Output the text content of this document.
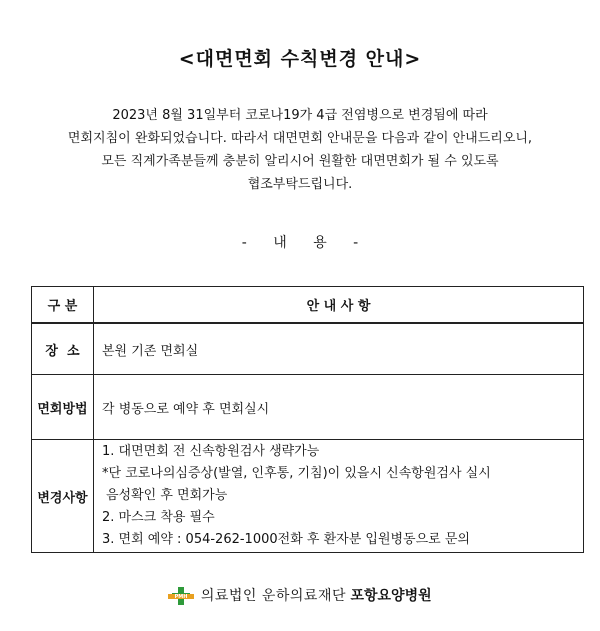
<대면면회 수칙변경 안내>

2023년 8월 31일부터 코로나19가 4급 전염병으로 변경됨에 따라

면회지침이 완화되었습니다. 따라서 대면면회 안내문을 다음과 같이 안내드리오니,

모든 직계가족분들께 충분히 알리시어 원활한 대면면회가 될 수 있도록

협조부탁드립니다.

- 내 용 -
구 분	안 내 사 항
장  소	본원 기존 면회실
면회방법	각 병동으로 예약 후 면회실시
변경사항	1. 대면면회 전 신속항원검사 생략가능
*단 코로나의심증상(발열, 인후통, 기침)이 있을시 신속항원검사 실시
음성확인 후 면회가능
2. 마스크 착용 필수
3. 면회 예약 : 054-262-1000전화 후 환자분 입원병동으로 문의
PMH 의료법인 운하의료재단 포항요양병원
